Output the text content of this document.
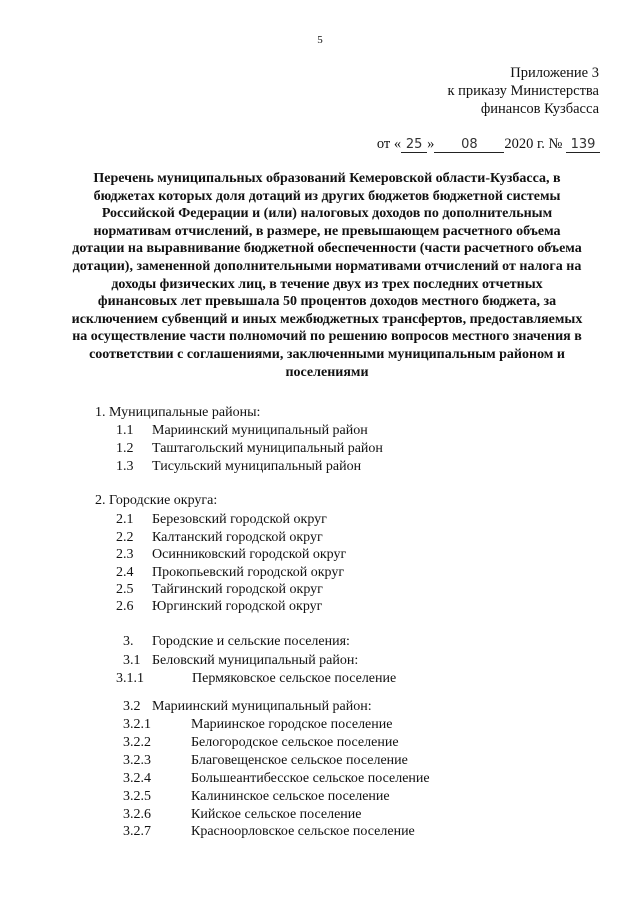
5
Приложение 3
к приказу Министерства
финансов Кузбасса
от « 25 » 08 2020 г. № 139
Перечень муниципальных образований Кемеровской области-Кузбасса, в бюджетах которых доля дотаций из других бюджетов бюджетной системы Российской Федерации и (или) налоговых доходов по дополнительным нормативам отчислений, в размере, не превышающем расчетного объема дотации на выравнивание бюджетной обеспеченности (части расчетного объема дотации), замененной дополнительными нормативами отчислений от налога на доходы физических лиц, в течение двух из трех последних отчетных финансовых лет превышала 50 процентов доходов местного бюджета, за исключением субвенций и иных межбюджетных трансфертов, предоставляемых на осуществление части полномочий по решению вопросов местного значения в соответствии с соглашениями, заключенными муниципальным районом и поселениями
1. Муниципальные районы:
1.1 Мариинский муниципальный район
1.2 Таштагольский муниципальный район
1.3 Тисульский муниципальный район
2. Городские округа:
2.1 Березовский городской округ
2.2 Калтанский городской округ
2.3 Осинниковский городской округ
2.4 Прокопьевский городской округ
2.5 Тайгинский городской округ
2.6 Юргинский городской округ
3. Городские и сельские поселения:
3.1 Беловский муниципальный район:
3.1.1	Пермяковское сельское поселение
3.2 Мариинский муниципальный район:
3.2.1	Мариинское городское поселение
3.2.2	Белогородское сельское поселение
3.2.3	Благовещенское сельское поселение
3.2.4	Большеантибесское сельское поселение
3.2.5	Калининское сельское поселение
3.2.6	Кийское сельское поселение
3.2.7	Красноорловское сельское поселение
